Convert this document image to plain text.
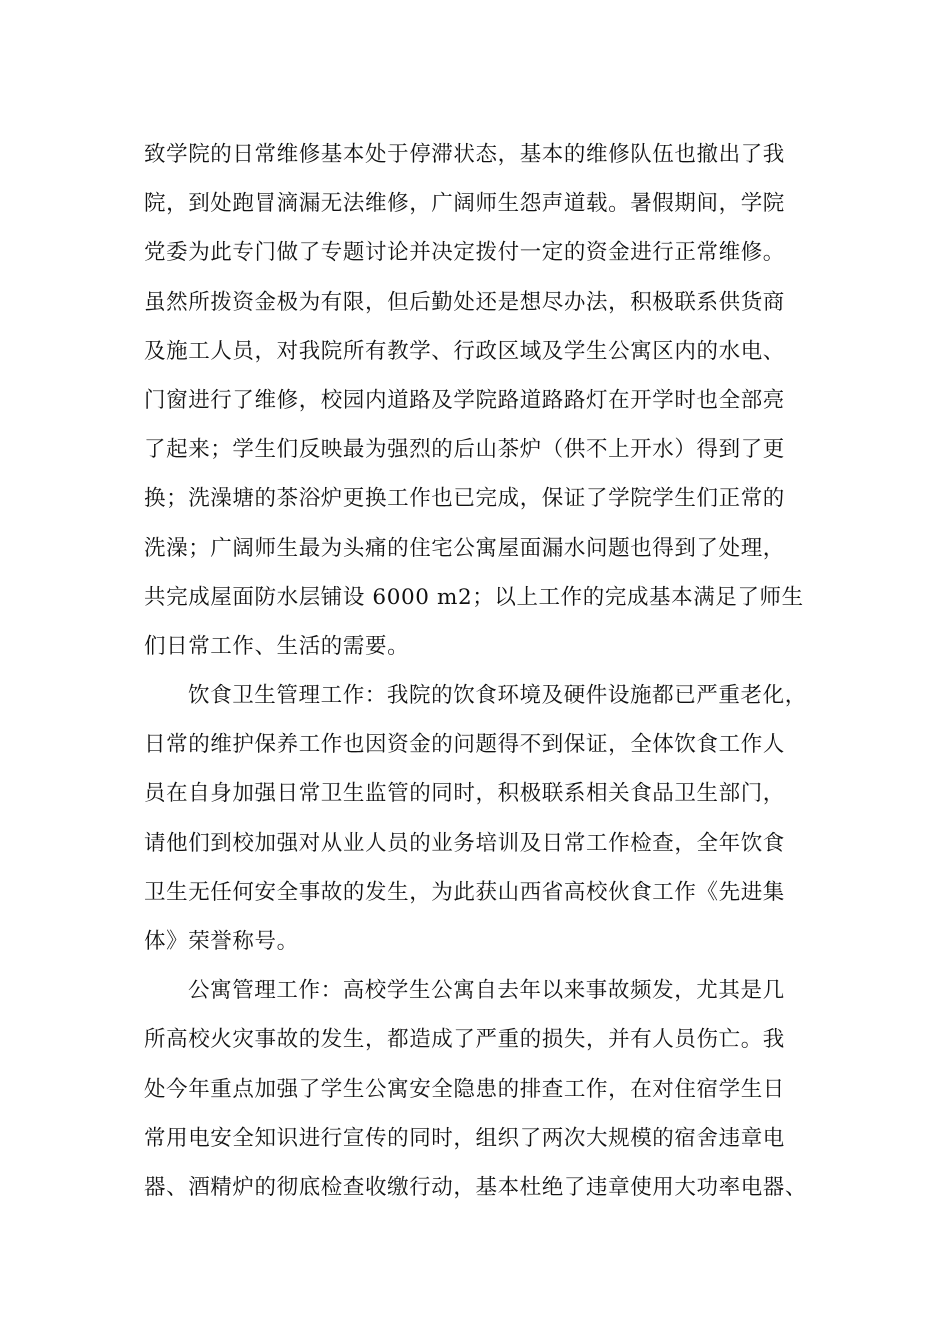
致学院的日常维修基本处于停滞状态，基本的维修队伍也撤出了我
院，到处跑冒滴漏无法维修，广阔师生怨声道载。暑假期间，学院
党委为此专门做了专题讨论并决定拨付一定的资金进行正常维修。
虽然所拨资金极为有限，但后勤处还是想尽办法，积极联系供货商
及施工人员，对我院所有教学、行政区域及学生公寓区内的水电、
门窗进行了维修，校园内道路及学院路道路路灯在开学时也全部亮
了起来；学生们反映最为强烈的后山茶炉（供不上开水）得到了更
换；洗澡塘的茶浴炉更换工作也已完成，保证了学院学生们正常的
洗澡；广阔师生最为头痛的住宅公寓屋面漏水问题也得到了处理，
共完成屋面防水层铺设 6000 m2；以上工作的完成基本满足了师生
们日常工作、生活的需要。
饮食卫生管理工作：我院的饮食环境及硬件设施都已严重老化，
日常的维护保养工作也因资金的问题得不到保证，全体饮食工作人
员在自身加强日常卫生监管的同时，积极联系相关食品卫生部门，
请他们到校加强对从业人员的业务培训及日常工作检查，全年饮食
卫生无任何安全事故的发生，为此获山西省高校伙食工作《先进集
体》荣誉称号。
公寓管理工作：高校学生公寓自去年以来事故频发，尤其是几
所高校火灾事故的发生，都造成了严重的损失，并有人员伤亡。我
处今年重点加强了学生公寓安全隐患的排查工作，在对住宿学生日
常用电安全知识进行宣传的同时，组织了两次大规模的宿舍违章电
器、酒精炉的彻底检查收缴行动，基本杜绝了违章使用大功率电器、
